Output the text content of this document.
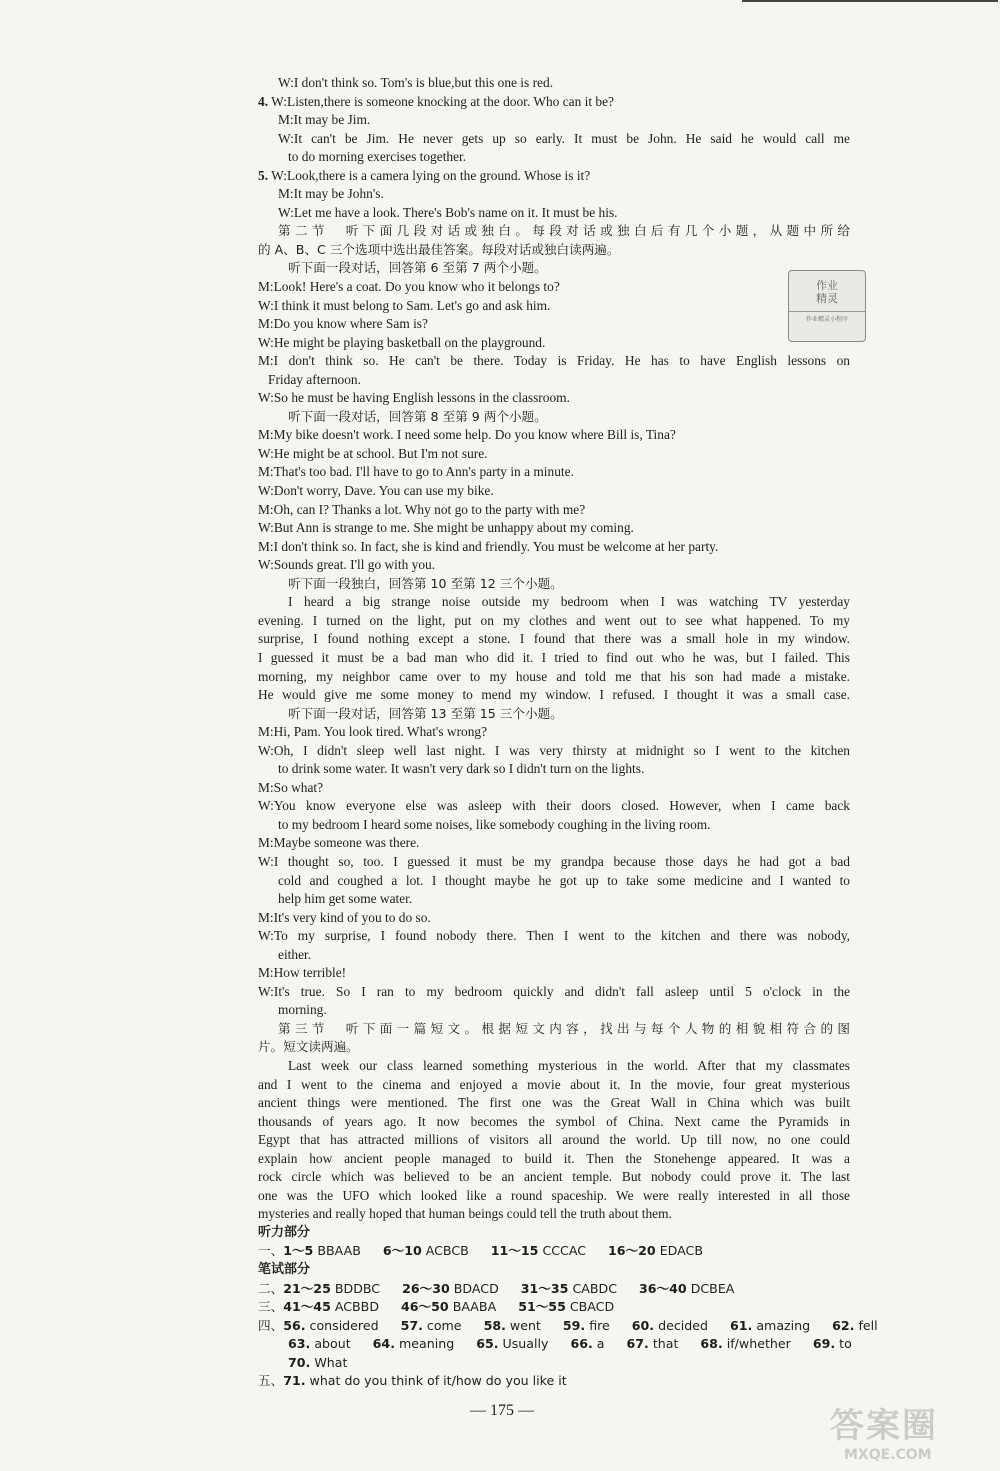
W:I don't think so. Tom's is blue,but this one is red.
4. W:Listen,there is someone knocking at the door. Who can it be?
M:It may be Jim.
W:It can't be Jim. He never gets up so early. It must be John. He said he would call me
to do morning exercises together.
5. W:Look,there is a camera lying on the ground. Whose is it?
M:It may be John's.
W:Let me have a look. There's Bob's name on it. It must be his.
第二节　听下面几段对话或独白。每段对话或独白后有几个小题，从题中所给
的 A、B、C 三个选项中选出最佳答案。每段对话或独白读两遍。
听下面一段对话，回答第 6 至第 7 两个小题。
M:Look! Here's a coat. Do you know who it belongs to?
W:I think it must belong to Sam. Let's go and ask him.
M:Do you know where Sam is?
W:He might be playing basketball on the playground.
M:I don't think so. He can't be there. Today is Friday. He has to have English lessons on
Friday afternoon.
W:So he must be having English lessons in the classroom.
听下面一段对话，回答第 8 至第 9 两个小题。
M:My bike doesn't work. I need some help. Do you know where Bill is, Tina?
W:He might be at school. But I'm not sure.
M:That's too bad. I'll have to go to Ann's party in a minute.
W:Don't worry, Dave. You can use my bike.
M:Oh, can I? Thanks a lot. Why not go to the party with me?
W:But Ann is strange to me. She might be unhappy about my coming.
M:I don't think so. In fact, she is kind and friendly. You must be welcome at her party.
W:Sounds great. I'll go with you.
听下面一段独白，回答第 10 至第 12 三个小题。
I heard a big strange noise outside my bedroom when I was watching TV yesterday
evening. I turned on the light, put on my clothes and went out to see what happened. To my
surprise, I found nothing except a stone. I found that there was a small hole in my window.
I guessed it must be a bad man who did it. I tried to find out who he was, but I failed. This
morning, my neighbor came over to my house and told me that his son had made a mistake.
He would give me some money to mend my window. I refused. I thought it was a small case.
听下面一段对话，回答第 13 至第 15 三个小题。
M:Hi, Pam. You look tired. What's wrong?
W:Oh, I didn't sleep well last night. I was very thirsty at midnight so I went to the kitchen
to drink some water. It wasn't very dark so I didn't turn on the lights.
M:So what?
W:You know everyone else was asleep with their doors closed. However, when I came back
to my bedroom I heard some noises, like somebody coughing in the living room.
M:Maybe someone was there.
W:I thought so, too. I guessed it must be my grandpa because those days he had got a bad
cold and coughed a lot. I thought maybe he got up to take some medicine and I wanted to
help him get some water.
M:It's very kind of you to do so.
W:To my surprise, I found nobody there. Then I went to the kitchen and there was nobody,
either.
M:How terrible!
W:It's true. So I ran to my bedroom quickly and didn't fall asleep until 5 o'clock in the
morning.
第三节　听下面一篇短文。根据短文内容，找出与每个人物的相貌相符合的图
片。短文读两遍。
Last week our class learned something mysterious in the world. After that my classmates
and I went to the cinema and enjoyed a movie about it. In the movie, four great mysterious
ancient things were mentioned. The first one was the Great Wall in China which was built
thousands of years ago. It now becomes the symbol of China. Next came the Pyramids in
Egypt that has attracted millions of visitors all around the world. Up till now, no one could
explain how ancient people managed to build it. Then the Stonehenge appeared. It was a
rock circle which was believed to be an ancient temple. But nobody could prove it. The last
one was the UFO which looked like a round spaceship. We were really interested in all those
mysteries and really hoped that human beings could tell the truth about them.
听力部分
一、1～5 BBAAB 6～10 ACBCB 11～15 CCCAC 16～20 EDACB
笔试部分
二、21～25 BDDBC 26～30 BDACD 31～35 CABDC 36～40 DCBEA
三、41～45 ACBBD 46～50 BAABA 51～55 CBACD
四、56. considered 57. come 58. went 59. fire 60. decided 61. amazing 62. fell
63. about 64. meaning 65. Usually 66. a 67. that 68. if/whether 69. to
70. What
五、71. what do you think of it/how do you like it
作业
精灵
作业精灵小程序
— 175 —	答案圈
MXQE.COM
